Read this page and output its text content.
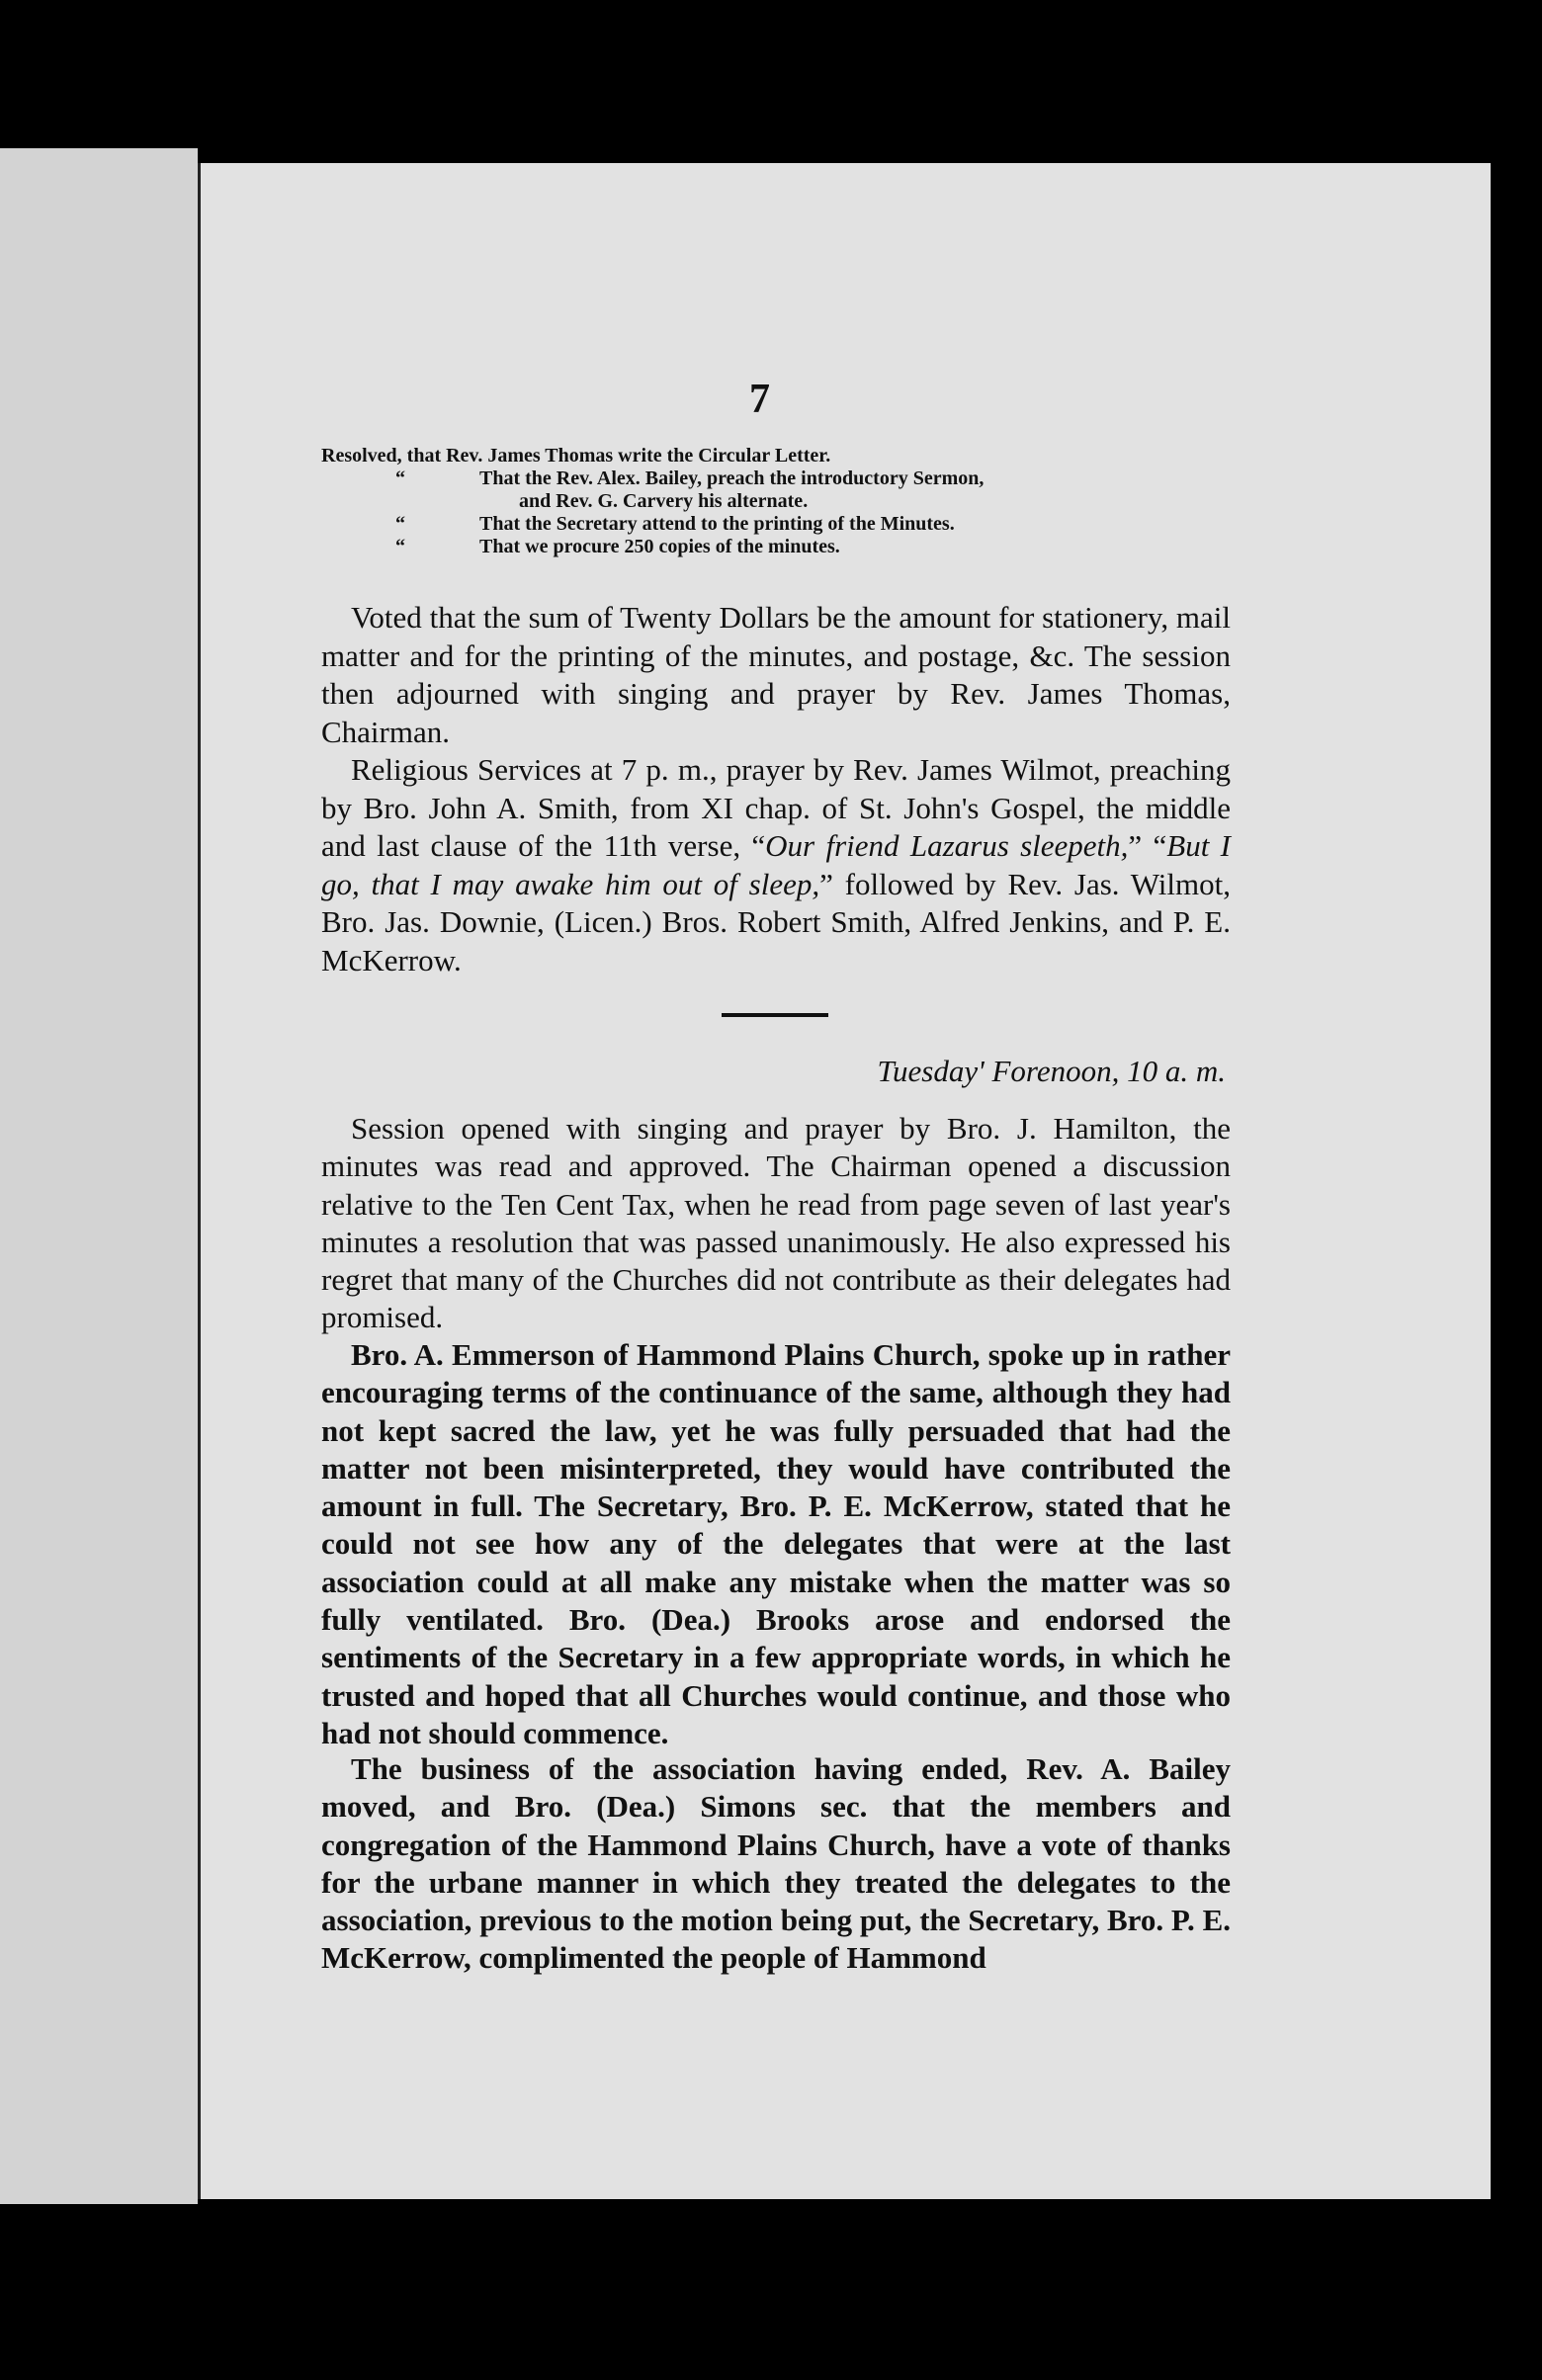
7
Resolved, that Rev. James Thomas write the Circular Letter.
“	That the Rev. Alex. Bailey, preach the introductory Sermon,
and Rev. G. Carvery his alternate.
“	That the Secretary attend to the printing of the Minutes.
“	That we procure 250 copies of the minutes.

Voted that the sum of Twenty Dollars be the amount for stationery, mail matter and for the printing of the minutes, and postage, &c. The session then adjourned with singing and prayer by Rev. James Thomas, Chairman.

Religious Services at 7 p. m., prayer by Rev. James Wilmot, preaching by Bro. John A. Smith, from XI chap. of St. John's Gospel, the middle and last clause of the 11th verse, “Our friend Lazarus sleepeth,” “But I go, that I may awake him out of sleep,” followed by Rev. Jas. Wilmot, Bro. Jas. Downie, (Licen.) Bros. Robert Smith, Alfred Jenkins, and P. E. McKerrow.

Tuesday' Forenoon, 10 a. m.

Session opened with singing and prayer by Bro. J. Hamilton, the minutes was read and approved. The Chairman opened a discussion relative to the Ten Cent Tax, when he read from page seven of last year's minutes a resolution that was passed unanimously. He also expressed his regret that many of the Churches did not contribute as their delegates had promised.

Bro. A. Emmerson of Hammond Plains Church, spoke up in rather encouraging terms of the continuance of the same, although they had not kept sacred the law, yet he was fully persuaded that had the matter not been misinterpreted, they would have contributed the amount in full. The Secretary, Bro. P. E. McKerrow, stated that he could not see how any of the delegates that were at the last association could at all make any mistake when the matter was so fully ventilated. Bro. (Dea.) Brooks arose and endorsed the sentiments of the Secretary in a few appropriate words, in which he trusted and hoped that all Churches would continue, and those who had not should commence.

The business of the association having ended, Rev. A. Bailey moved, and Bro. (Dea.) Simons sec. that the members and congregation of the Hammond Plains Church, have a vote of thanks for the urbane manner in which they treated the delegates to the association, previous to the motion being put, the Secretary, Bro. P. E. McKerrow, complimented the people of Hammond
